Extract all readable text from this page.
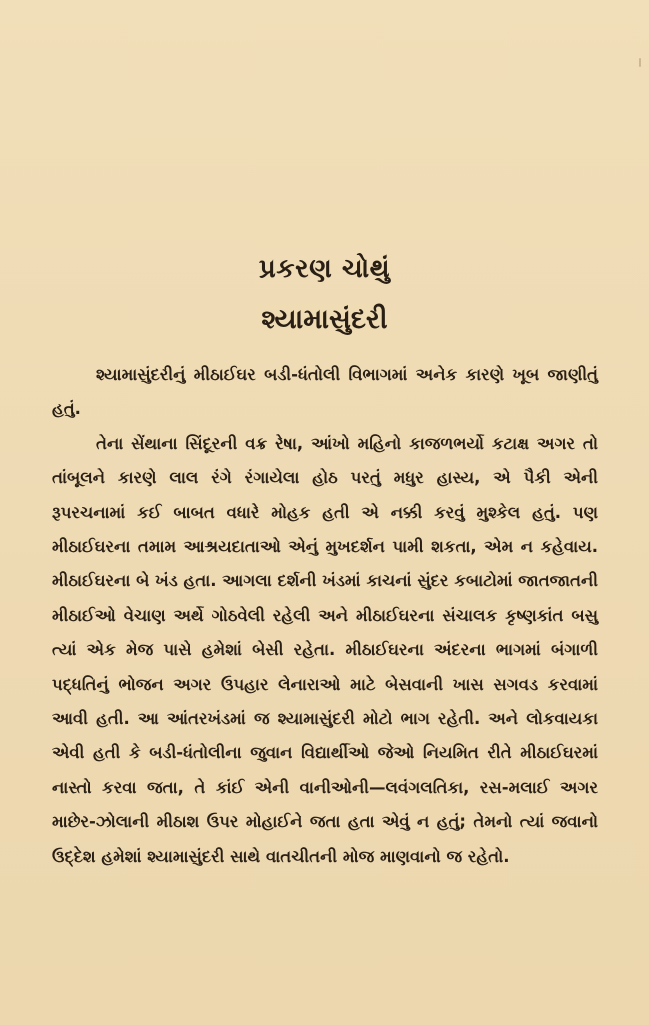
પ્રકરણ ચોથું
શ્યામાસુંદરી

શ્યામાસુંદરીનું મીઠાઈઘર બડી-ધંતોલી વિભાગમાં અનેક કારણે ખૂબ જાણીતું હતું.

તેના સેંથાના સિંદૂરની વક્ર રેષા, આંખો મહિનો કાજળભર્યો કટાક્ષ અગર તો તાંબૂલને કારણે લાલ રંગે રંગાયેલા હોઠ પરતું મધુર હાસ્ય, એ પૈકી એની રૂપરચનામાં કઈ બાબત વધારે મોહક હતી એ નક્કી કરવું મુશ્કેલ હતું. પણ મીઠાઈઘરના તમામ આશ્રયદાતાઓ એનું મુખદર્શન પામી શકતા, એમ ન કહેવાય. મીઠાઈઘરના બે ખંડ હતા. આગલા દર્શની ખંડમાં કાચનાં સુંદર કબાટોમાં જાતજાતની મીઠાઈઓ વેચાણ અર્થે ગોઠવેલી રહેલી અને મીઠાઈઘરના સંચાલક કૃષ્ણકાંત બસુ ત્યાં એક મેજ પાસે હમેશાં બેસી રહેતા. મીઠાઈઘરના અંદરના ભાગમાં બંગાળી પદ્ધતિનું ભોજન અગર ઉપહાર લેનારાઓ માટે બેસવાની ખાસ સગવડ કરવામાં આવી હતી. આ આંતરખંડમાં જ શ્યામાસુંદરી મોટો ભાગ રહેતી. અને લોકવાયકા એવી હતી કે બડી-ધંતોલીના જુવાન વિદ્યાર્થીઓ જેઓ નિયમિત રીતે મીઠાઈઘરમાં નાસ્તો કરવા જતા, તે કાંઈ એની વાનીઓની—લવંગલતિકા, રસ-મલાઈ અગર માછેર-ઝોલાની મીઠાશ ઉપર મોહાઈને જતા હતા એવું ન હતું; તેમનો ત્યાં જવાનો ઉદ્દેશ હમેશાં શ્યામાસુંદરી સાથે વાતચીતની મોજ માણવાનો જ રહેતો.
